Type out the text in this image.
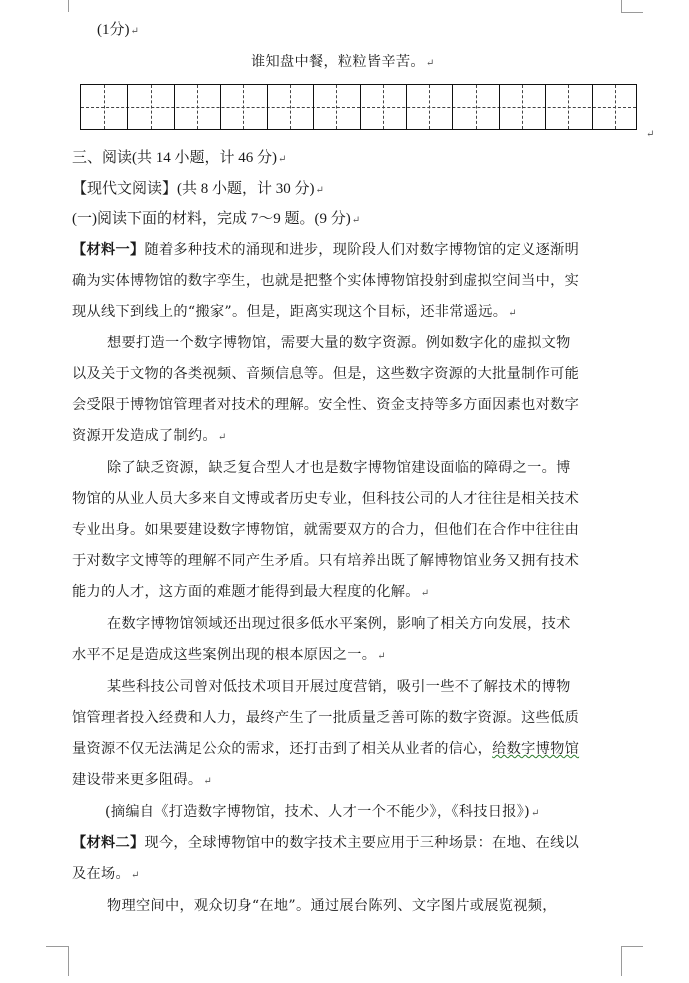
(1分)↵
谁知盘中餐，粒粒皆辛苦。↵
↵
三、阅读(共 14 小题，计 46 分)↵
【现代文阅读】(共 8 小题，计 30 分)↵
(一)阅读下面的材料，完成 7～9 题。(9 分)↵
【材料一】随着多种技术的涌现和进步，现阶段人们对数字博物馆的定义逐渐明
确为实体博物馆的数字孪生，也就是把整个实体博物馆投射到虚拟空间当中，实
现从线下到线上的“搬家”。但是，距离实现这个目标，还非常遥远。↵
想要打造一个数字博物馆，需要大量的数字资源。例如数字化的虚拟文物
以及关于文物的各类视频、音频信息等。但是，这些数字资源的大批量制作可能
会受限于博物馆管理者对技术的理解。安全性、资金支持等多方面因素也对数字
资源开发造成了制约。↵
除了缺乏资源，缺乏复合型人才也是数字博物馆建设面临的障碍之一。博
物馆的从业人员大多来自文博或者历史专业，但科技公司的人才往往是相关技术
专业出身。如果要建设数字博物馆，就需要双方的合力，但他们在合作中往往由
于对数字文博等的理解不同产生矛盾。只有培养出既了解博物馆业务又拥有技术
能力的人才，这方面的难题才能得到最大程度的化解。↵
在数字博物馆领域还出现过很多低水平案例，影响了相关方向发展，技术
水平不足是造成这些案例出现的根本原因之一。↵
某些科技公司曾对低技术项目开展过度营销，吸引一些不了解技术的博物
馆管理者投入经费和人力，最终产生了一批质量乏善可陈的数字资源。这些低质
量资源不仅无法满足公众的需求，还打击到了相关从业者的信心，给数字博物馆
建设带来更多阻碍。↵
(摘编自《打造数字博物馆，技术、人才一个不能少》，《科技日报》)↵
【材料二】现今，全球博物馆中的数字技术主要应用于三种场景：在地、在线以
及在场。↵
物理空间中，观众切身“在地”。通过展台陈列、文字图片或展览视频，
